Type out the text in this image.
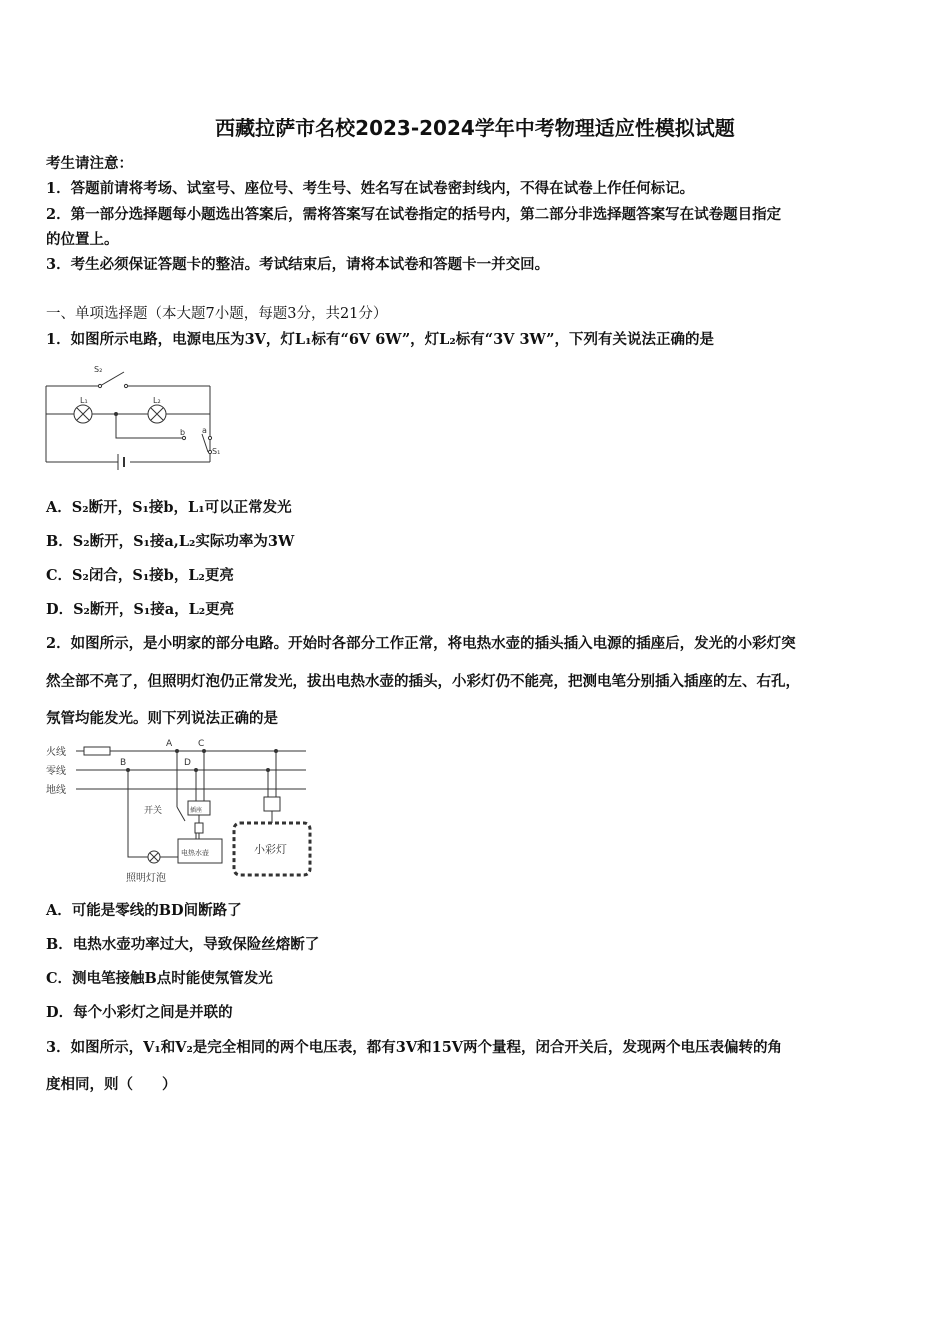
西藏拉萨市名校2023-2024学年中考物理适应性模拟试题
考生请注意：
1．答题前请将考场、试室号、座位号、考生号、姓名写在试卷密封线内，不得在试卷上作任何标记。
2．第一部分选择题每小题选出答案后，需将答案写在试卷指定的括号内，第二部分非选择题答案写在试卷题目指定
的位置上。
3．考生必须保证答题卡的整洁。考试结束后，请将本试卷和答题卡一并交回。
一、单项选择题（本大题7小题，每题3分，共21分）
1．如图所示电路，电源电压为3V，灯L₁标有“6V 6W”，灯L₂标有“3V 3W”，下列有关说法正确的是
S₂
L₁	L₂
b a
S₁
A．S₂断开，S₁接b，L₁可以正常发光
B．S₂断开，S₁接a,L₂实际功率为3W
C．S₂闭合，S₁接b，L₂更亮
D．S₂断开，S₁接a，L₂更亮
2．如图所示，是小明家的部分电路。开始时各部分工作正常，将电热水壶的插头插入电源的插座后，发光的小彩灯突
然全部不亮了，但照明灯泡仍正常发光，拔出电热水壶的插头，小彩灯仍不能亮，把测电笔分别插入插座的左、右孔，
氖管均能发光。则下列说法正确的是
火线
零线
地线
A	C
B	D
开关	插座
电热水壶	小彩灯
照明灯泡
A．可能是零线的BD间断路了
B．电热水壶功率过大，导致保险丝熔断了
C．测电笔接触B点时能使氖管发光
D．每个小彩灯之间是并联的
3．如图所示，V₁和V₂是完全相同的两个电压表，都有3V和15V两个量程，闭合开关后，发现两个电压表偏转的角
度相同，则（　　）
